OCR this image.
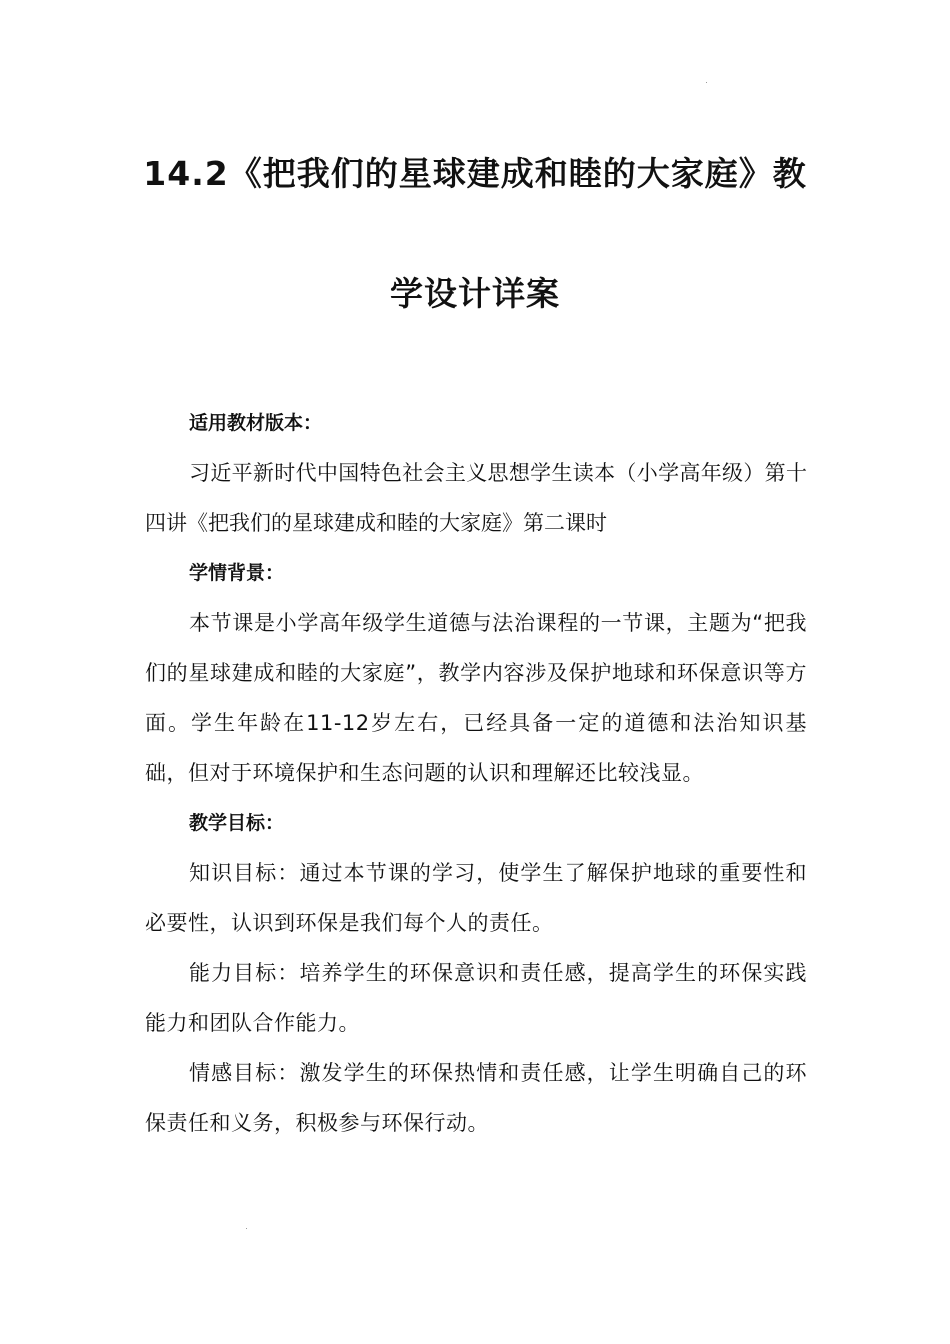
14.2《把我们的星球建成和睦的大家庭》教
学设计详案

适用教材版本：

习近平新时代中国特色社会主义思想学生读本（小学高年级）第十四讲《把我们的星球建成和睦的大家庭》第二课时

学情背景：

本节课是小学高年级学生道德与法治课程的一节课，主题为“把我们的星球建成和睦的大家庭”，教学内容涉及保护地球和环保意识等方面。学生年龄在11-12岁左右，已经具备一定的道德和法治知识基础，但对于环境保护和生态问题的认识和理解还比较浅显。

教学目标：

知识目标：通过本节课的学习，使学生了解保护地球的重要性和必要性，认识到环保是我们每个人的责任。

能力目标：培养学生的环保意识和责任感，提高学生的环保实践能力和团队合作能力。

情感目标：激发学生的环保热情和责任感，让学生明确自己的环保责任和义务，积极参与环保行动。
